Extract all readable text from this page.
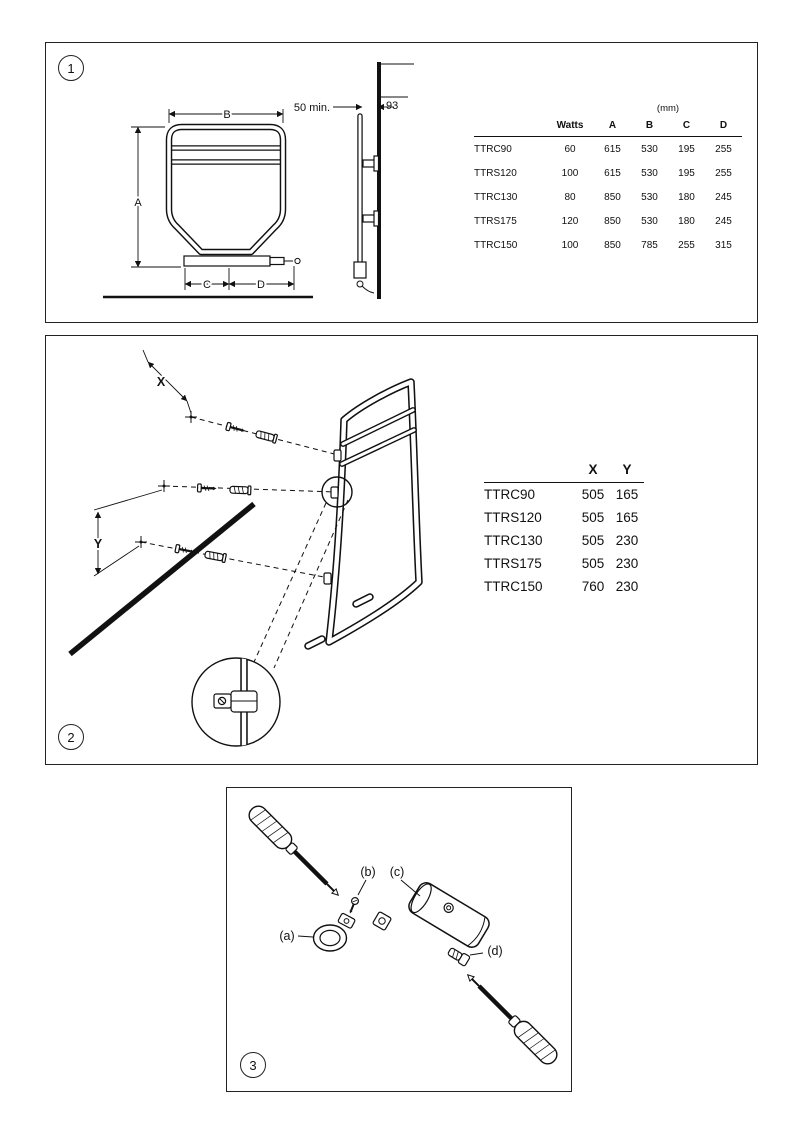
1
B
A
C	D
93
50 min.
		(mm)			
	Watts	A	B	C	D
TTRC90	60	615	530	195	255
TTRS120	100	615	530	195	255
TTRC130	80	850	530	180	245
TTRS175	120	850	530	180	245
TTRC150	100	850	785	255	315
2
X
Y
	X	Y
TTRC90	505	165
TTRS120	505	165
TTRC130	505	230
TTRS175	505	230
TTRC150	760	230
3
(a)
(b) (c)
(d)
